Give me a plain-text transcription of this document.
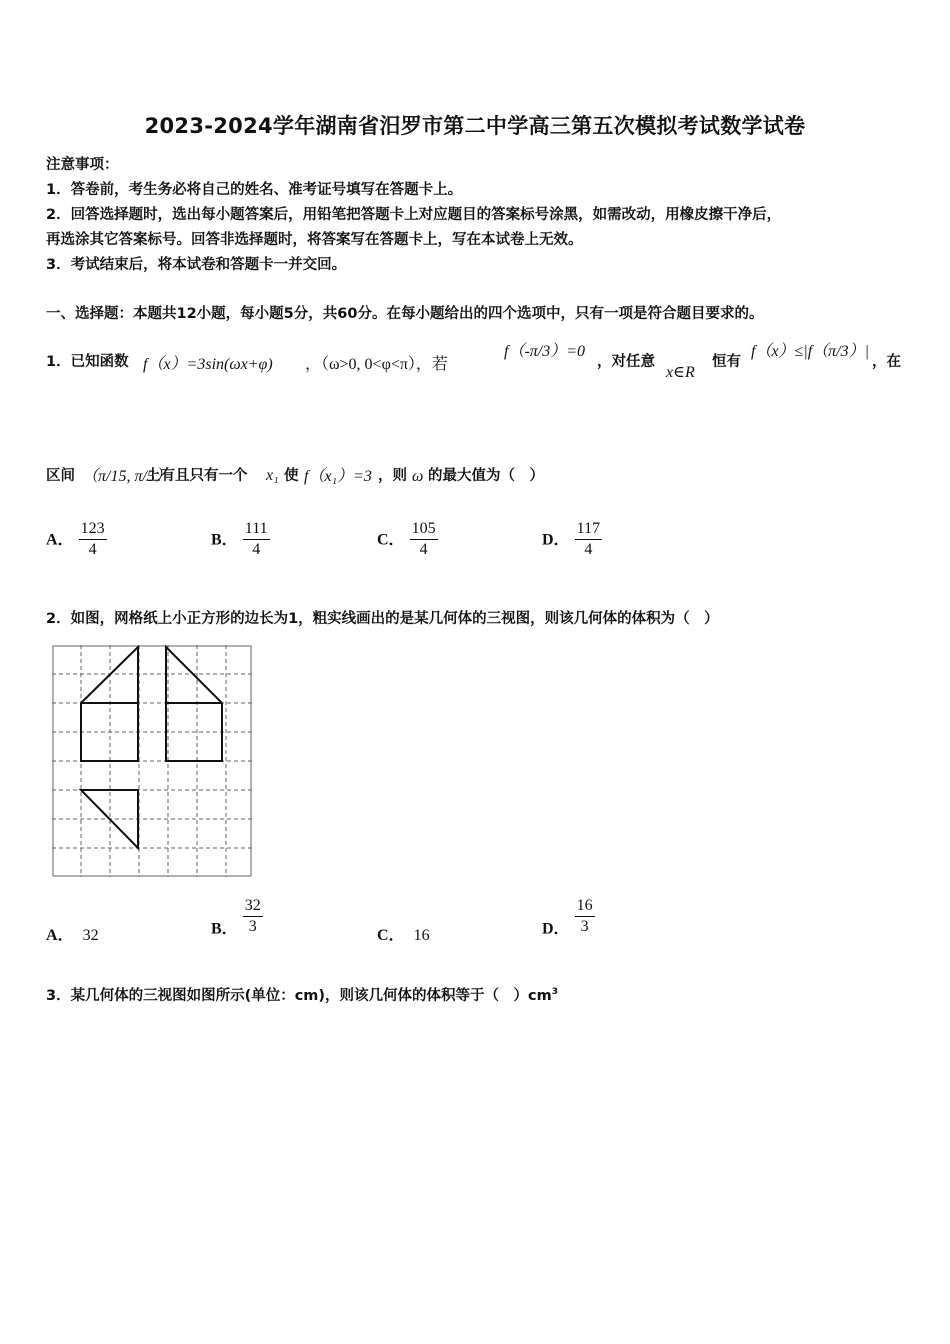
2023-2024学年湖南省汨罗市第二中学高三第五次模拟考试数学试卷
注意事项：
1．答卷前，考生务必将自己的姓名、准考证号填写在答题卡上。
2．回答选择题时，选出每小题答案后，用铅笔把答题卡上对应题目的答案标号涂黑，如需改动，用橡皮擦干净后，
再选涂其它答案标号。回答非选择题时，将答案写在答题卡上，写在本试卷上无效。
3．考试结束后，将本试卷和答题卡一并交回。
一、选择题：本题共12小题，每小题5分，共60分。在每小题给出的四个选项中，只有一项是符合题目要求的。
1．已知函数 f（x）=3sin(ωx+φ) ，（ω>0, 0<φ<π），若
f（-π/3）=0
，对任意
x∈R
恒有
f（x）≤|f（π/3）|
，在
区间 （π/15, π/5）
上有且只有一个 x₁ 使 f（x₁）=3 ，则 ω 的最大值为（　）
A． $\frac{123}{4}$	B． $\frac{111}{4}$	C． $\frac{105}{4}$	D． $\frac{117}{4}$
2．如图，网格纸上小正方形的边长为1，粗实线画出的是某几何体的三视图，则该几何体的体积为（　）
A． 32	B． $\frac{32}{3}$	C． 16	D． $\frac{16}{3}$
3．某几何体的三视图如图所示(单位：cm)，则该几何体的体积等于（　）$cm^3$
